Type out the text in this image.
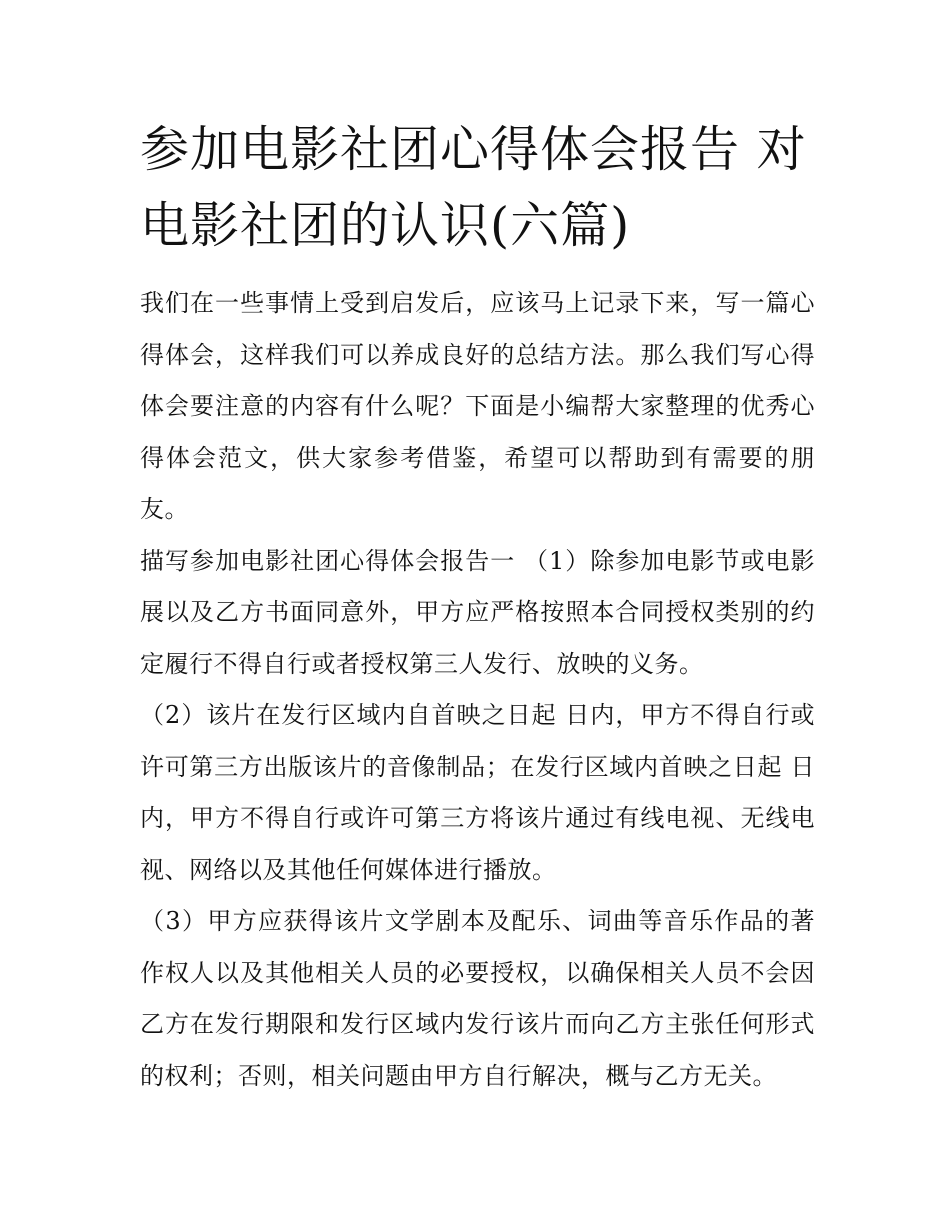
参加电影社团心得体会报告 对电影社团的认识(六篇)

我们在一些事情上受到启发后，应该马上记录下来，写一篇心得体会，这样我们可以养成良好的总结方法。那么我们写心得体会要注意的内容有什么呢？下面是小编帮大家整理的优秀心得体会范文，供大家参考借鉴，希望可以帮助到有需要的朋友。

描写参加电影社团心得体会报告一 （1）除参加电影节或电影展以及乙方书面同意外，甲方应严格按照本合同授权类别的约定履行不得自行或者授权第三人发行、放映的义务。

（2）该片在发行区域内自首映之日起 日内，甲方不得自行或许可第三方出版该片的音像制品；在发行区域内首映之日起 日内，甲方不得自行或许可第三方将该片通过有线电视、无线电视、网络以及其他任何媒体进行播放。

（3）甲方应获得该片文学剧本及配乐、词曲等音乐作品的著作权人以及其他相关人员的必要授权，以确保相关人员不会因乙方在发行期限和发行区域内发行该片而向乙方主张任何形式的权利；否则，相关问题由甲方自行解决，概与乙方无关。
